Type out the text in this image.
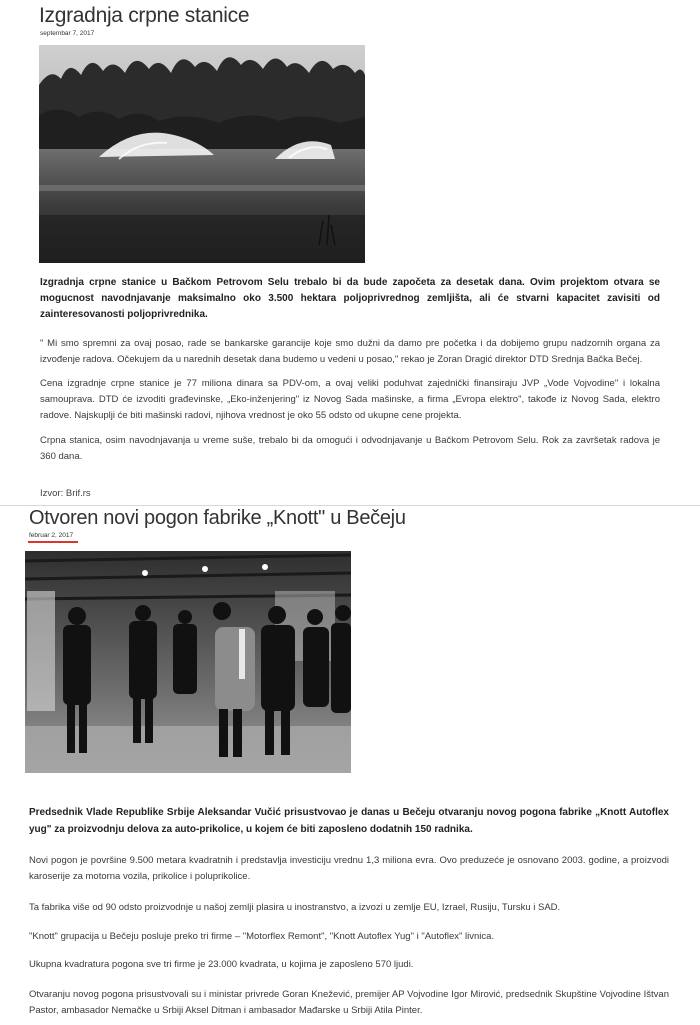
Izgradnja crpne stanice
septembar 7, 2017

Izgradnja crpne stanice u Bačkom Petrovom Selu trebalo bi da bude započeta za desetak dana. Ovim projektom otvara se mogucnost navodnjavanje maksimalno oko 3.500 hektara poljoprivrednog zemljišta, ali će stvarni kapacitet zavisiti od zainteresovanosti poljoprivrednika.

" Mi smo spremni za ovaj posao, rade se bankarske garancije koje smo dužni da damo pre početka i da dobijemo grupu nadzornih organa za izvođenje radova. Očekujem da u narednih desetak dana budemo u vedeni u posao," rekao je Zoran Dragić direktor DTD Srednja Bačka Bečej.

Cena izgradnje crpne stanice je 77 miliona dinara sa PDV-om, a ovaj veliki poduhvat zajednički finansiraju JVP „Vode Vojvodine" i lokalna samouprava. DTD će izvoditi građevinske, „Eko-inženjering" iz Novog Sada mašinske, a firma „Evropa elektro", takođe iz Novog Sada, elektro radove. Najskuplji će biti mašinski radovi, njihova vrednost je oko 55 odsto od ukupne cene projekta.

Crpna stanica, osim navodnjavanja u vreme suše, trebalo bi da omogući i odvodnjavanje u Bačkom Petrovom Selu. Rok za završetak radova je 360 dana.

Izvor: Brif.rs
Otvoren novi pogon fabrike „Knott" u Bečeju
februar 2, 2017

Predsednik Vlade Republike Srbije Aleksandar Vučić prisustvovao je danas u Bečeju otvaranju novog pogona fabrike „Knott Autoflex yug" za proizvodnju delova za auto-prikolice, u kojem će biti zaposleno dodatnih 150 radnika.

Novi pogon je površine 9.500 metara kvadratnih i predstavlja investiciju vrednu 1,3 miliona evra. Ovo preduzeće je osnovano 2003. godine, a proizvodi karoserije za motorna vozila, prikolice i poluprikolice.

Ta fabrika više od 90 odsto proizvodnje u našoj zemlji plasira u inostranstvo, a izvozi u zemlje EU, Izrael, Rusiju, Tursku i SAD.

"Knott" grupacija u Bečeju posluje preko tri firme – "Motorflex Remont", "Knott Autoflex Yug" i "Autoflex" livnica.

Ukupna kvadratura pogona sve tri firme je 23.000 kvadrata, u kojima je zaposleno 570 ljudi.

Otvaranju novog pogona prisustvovali su i ministar privrede Goran Knežević, premijer AP Vojvodine Igor Mirović, predsednik Skupštine Vojvodine Ištvan Pastor, ambasador Nemačke u Srbiji Aksel Ditman i ambasador Mađarske u Srbiji Atila Pinter.
